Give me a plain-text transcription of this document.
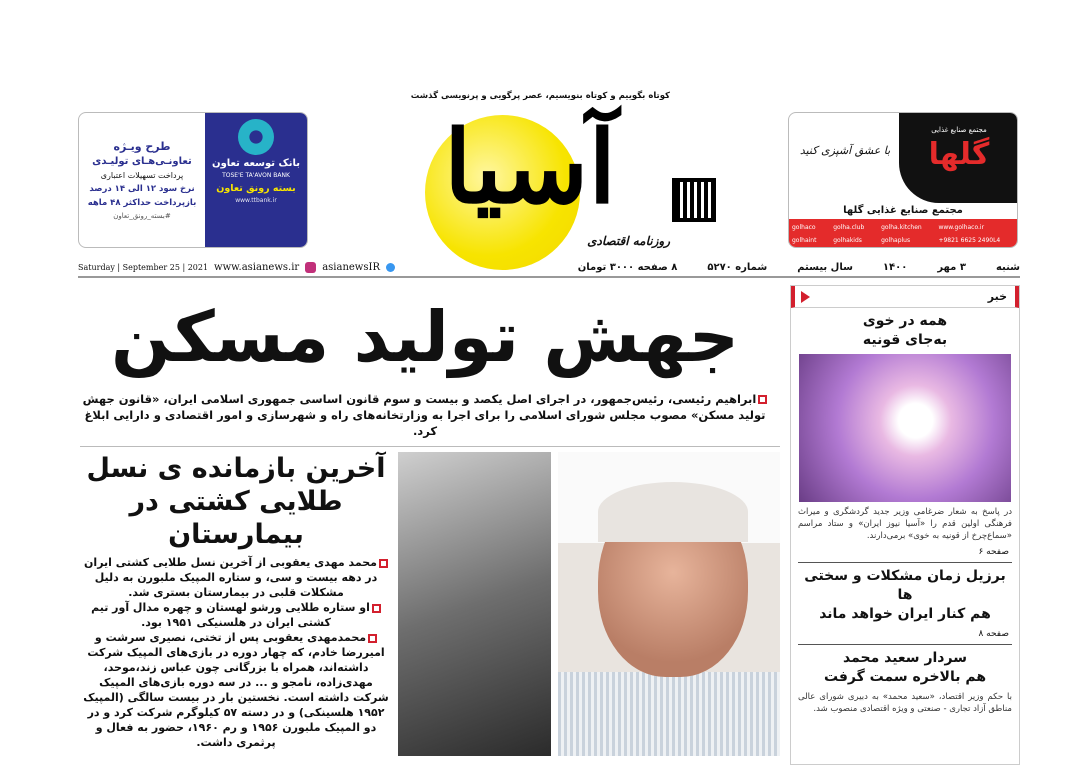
طرح ویـژه
تعاونـی‌هـای تولیـدی
پرداخت تسهیلات اعتباری
نرخ سود ۱۲ الی ۱۴ درصد
بازپرداخت حداکثر ۴۸ ماهه
#بسته_رونق_تعاون
بانک توسعه تعاون
TOSE'E TA'AVON BANK
بسته رونق تعاون
www.ttbank.ir	آسیا
کوتاه بگوییم و کوتاه بنویسیم، عصر پرگویی و پرنویسی گذشت
روزنامه اقتصادی
مجتمع صنایع غذایی
گلها
با عشق آشپزی کنید
مجتمع صنایع غذایی گلها
golhaco	golha.club	golha.kitchen	www.golhaco.ir
golhaint	golhakids	golhaplus	+9821 6625 2490L4
Saturday | September 25 | 2021 www.asianews.ir asianewsIR	شنبه
۳ مهر
۱۴۰۰
سال بیستم
شماره ۵۲۷۰
۸ صفحه ۳۰۰۰ تومان
جهش تولید مسکن
ابراهیم رئیسی، رئیس‌جمهور، در اجرای اصل یکصد و بیست و سوم قانون اساسی جمهوری اسلامی ایران، «قانون جهش تولید مسکن» مصوب مجلس شورای اسلامی را برای اجرا به وزارتخانه‌های راه و شهرسازی و امور اقتصادی و دارایی ابلاغ کرد.
آخرین بازمانده ی نسل طلایی کشتی در بیمارستان

محمد مهدی یعقوبی از آخرین نسل طلایی کشتی ایران در دهه بیست و سی، و ستاره المپیک ملبورن به دلیل مشکلات قلبی در بیمارستان بستری شد.

او ستاره طلایی ورشو لهستان و چهره مدال آور تیم کشتی ایران در هلسنیکی ۱۹۵۱ بود.

محمدمهدی یعقوبی پس از تختی، نصیری سرشت و امیررضا خادم، که چهار دوره در بازی‌های المپیک شرکت داشته‌اند، همراه با بزرگانی چون عباس زند،موحد، مهدی‌زاده، نامجو و ... در سه دوره بازی‌های المپیک شرکت داشته است. نخستین بار در بیست سالگی (المپیک ۱۹۵۲ هلسینکی) و در دسته ۵۷ کیلوگرم شرکت کرد و در دو المپیک ملبورن ۱۹۵۶ و رم ۱۹۶۰، حضور به فعال و پرثمری داشت.

خبر
همه در خوی
به‌جای قونیه
در پاسخ به شعار ضرغامی وزیر جدید گردشگری و میراث فرهنگی اولین قدم را «آسیا نیوز ایران» و ستاد مراسم «سماع‌چرخ از قونیه به خوی» برمی‌دارند.
صفحه ۶
برزیل زمان مشکلات و سختی ها
هم کنار ایران خواهد ماند
صفحه ۸
سردار سعید محمد
هم بالاخره سمت گرفت
با حکم وزیر اقتصاد، «سعید محمد» به دبیری شورای عالی مناطق آزاد تجاری - صنعتی و ویژه اقتصادی منصوب شد.
